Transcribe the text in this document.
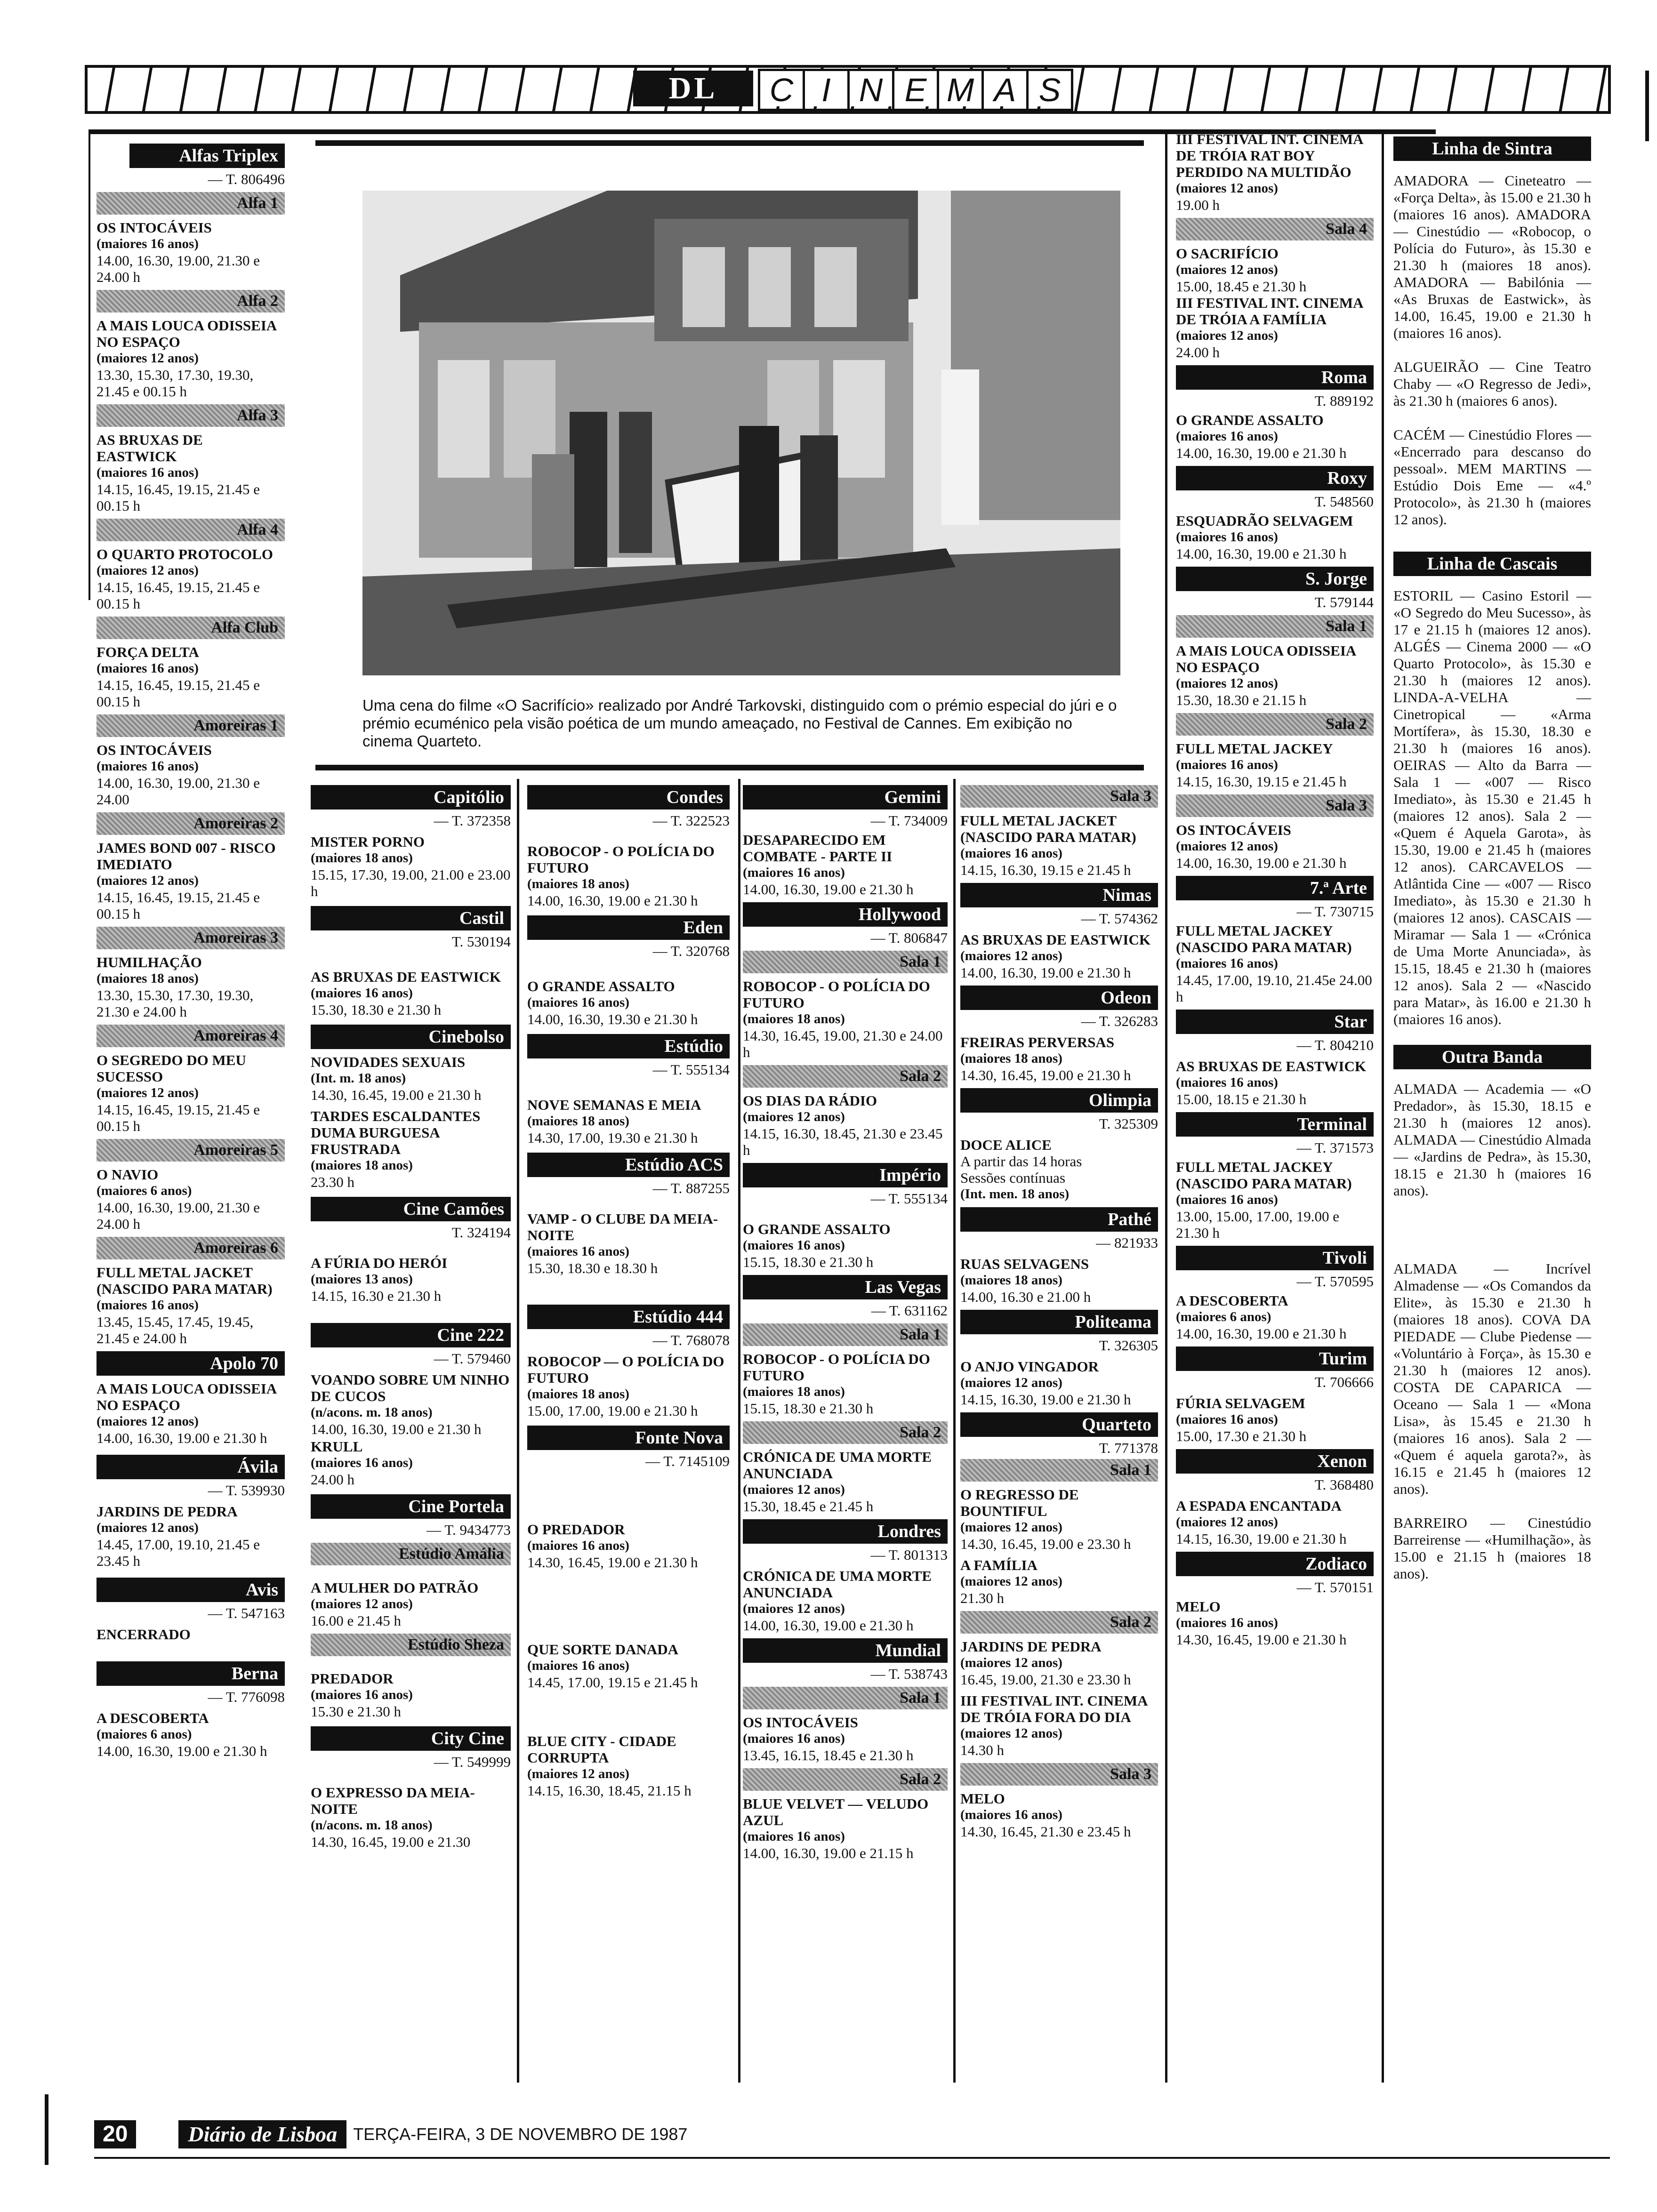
DL	C I N E M A S
Alfas Triplex
— T. 806496
Alfa 1
OS INTOCÁVEIS
(maiores 16 anos)
14.00, 16.30, 19.00, 21.30 e 24.00 h
Alfa 2
A MAIS LOUCA ODISSEIA NO ESPAÇO
(maiores 12 anos)
13.30, 15.30, 17.30, 19.30, 21.45 e 00.15 h
Alfa 3
AS BRUXAS DE EASTWICK
(maiores 16 anos)
14.15, 16.45, 19.15, 21.45 e 00.15 h
Alfa 4
O QUARTO PROTOCOLO
(maiores 12 anos)
14.15, 16.45, 19.15, 21.45 e 00.15 h
Alfa Club
FORÇA DELTA
(maiores 16 anos)
14.15, 16.45, 19.15, 21.45 e 00.15 h
Amoreiras 1
OS INTOCÁVEIS
(maiores 16 anos)
14.00, 16.30, 19.00, 21.30 e 24.00
Amoreiras 2
JAMES BOND 007 - RISCO IMEDIATO
(maiores 12 anos)
14.15, 16.45, 19.15, 21.45 e 00.15 h
Amoreiras 3
HUMILHAÇÃO
(maiores 18 anos)
13.30, 15.30, 17.30, 19.30, 21.30 e 24.00 h
Amoreiras 4
O SEGREDO DO MEU SUCESSO
(maiores 12 anos)
14.15, 16.45, 19.15, 21.45 e 00.15 h
Amoreiras 5
O NAVIO
(maiores 6 anos)
14.00, 16.30, 19.00, 21.30 e 24.00 h
Amoreiras 6
FULL METAL JACKET (NASCIDO PARA MATAR)
(maiores 16 anos)
13.45, 15.45, 17.45, 19.45, 21.45 e 24.00 h
Apolo 70
A MAIS LOUCA ODISSEIA NO ESPAÇO
(maiores 12 anos)
14.00, 16.30, 19.00 e 21.30 h
Ávila
— T. 539930
JARDINS DE PEDRA
(maiores 12 anos)
14.45, 17.00, 19.10, 21.45 e 23.45 h
Avis
— T. 547163
ENCERRADO
Berna
— T. 776098
A DESCOBERTA
(maiores 6 anos)
14.00, 16.30, 19.00 e 21.30 h
Uma cena do filme «O Sacrifício» realizado por André Tarkovski, distinguido com o prémio especial do júri e o prémio ecuménico pela visão poética de um mundo ameaçado, no Festival de Cannes. Em exibição no cinema Quarteto.
Capitólio
— T. 372358
MISTER PORNO
(maiores 18 anos)
15.15, 17.30, 19.00, 21.00 e 23.00 h
Castil
T. 530194
AS BRUXAS DE EASTWICK
(maiores 16 anos)
15.30, 18.30 e 21.30 h
Cinebolso
NOVIDADES SEXUAIS
(Int. m. 18 anos)
14.30, 16.45, 19.00 e 21.30 h
TARDES ESCALDANTES DUMA BURGUESA FRUSTRADA
(maiores 18 anos)
23.30 h
Cine Camões
T. 324194
A FÚRIA DO HERÓI
(maiores 13 anos)
14.15, 16.30 e 21.30 h
Cine 222
— T. 579460
VOANDO SOBRE UM NINHO DE CUCOS
(n/acons. m. 18 anos)
14.00, 16.30, 19.00 e 21.30 h
KRULL
(maiores 16 anos)
24.00 h
Cine Portela
— T. 9434773
Estúdio Amália
A MULHER DO PATRÃO
(maiores 12 anos)
16.00 e 21.45 h
Estúdio Sheza
PREDADOR
(maiores 16 anos)
15.30 e 21.30 h
City Cine
— T. 549999
O EXPRESSO DA MEIA-NOITE
(n/acons. m. 18 anos)
14.30, 16.45, 19.00 e 21.30
Condes
— T. 322523
ROBOCOP - O POLÍCIA DO FUTURO
(maiores 18 anos)
14.00, 16.30, 19.00 e 21.30 h
Eden
— T. 320768
O GRANDE ASSALTO
(maiores 16 anos)
14.00, 16.30, 19.30 e 21.30 h
Estúdio
— T. 555134
NOVE SEMANAS E MEIA
(maiores 18 anos)
14.30, 17.00, 19.30 e 21.30 h
Estúdio ACS
— T. 887255
VAMP - O CLUBE DA MEIA-NOITE
(maiores 16 anos)
15.30, 18.30 e 18.30 h
Estúdio 444
— T. 768078
ROBOCOP — O POLÍCIA DO FUTURO
(maiores 18 anos)
15.00, 17.00, 19.00 e 21.30 h
Fonte Nova
— T. 7145109
O PREDADOR
(maiores 16 anos)
14.30, 16.45, 19.00 e 21.30 h
QUE SORTE DANADA
(maiores 16 anos)
14.45, 17.00, 19.15 e 21.45 h
BLUE CITY - CIDADE CORRUPTA
(maiores 12 anos)
14.15, 16.30, 18.45, 21.15 h
Gemini
— T. 734009
DESAPARECIDO EM COMBATE - PARTE II
(maiores 16 anos)
14.00, 16.30, 19.00 e 21.30 h
Hollywood
— T. 806847
Sala 1
ROBOCOP - O POLÍCIA DO FUTURO
(maiores 18 anos)
14.30, 16.45, 19.00, 21.30 e 24.00 h
Sala 2
OS DIAS DA RÁDIO
(maiores 12 anos)
14.15, 16.30, 18.45, 21.30 e 23.45 h
Império
— T. 555134
O GRANDE ASSALTO
(maiores 16 anos)
15.15, 18.30 e 21.30 h
Las Vegas
— T. 631162
Sala 1
ROBOCOP - O POLÍCIA DO FUTURO
(maiores 18 anos)
15.15, 18.30 e 21.30 h
Sala 2
CRÓNICA DE UMA MORTE ANUNCIADA
(maiores 12 anos)
15.30, 18.45 e 21.45 h
Londres
— T. 801313
CRÓNICA DE UMA MORTE ANUNCIADA
(maiores 12 anos)
14.00, 16.30, 19.00 e 21.30 h
Mundial
— T. 538743
Sala 1
OS INTOCÁVEIS
(maiores 16 anos)
13.45, 16.15, 18.45 e 21.30 h
Sala 2
BLUE VELVET — VELUDO AZUL
(maiores 16 anos)
14.00, 16.30, 19.00 e 21.15 h
Sala 3
FULL METAL JACKET (NASCIDO PARA MATAR)
(maiores 16 anos)
14.15, 16.30, 19.15 e 21.45 h
Nimas
— T. 574362
AS BRUXAS DE EASTWICK
(maiores 12 anos)
14.00, 16.30, 19.00 e 21.30 h
Odeon
— T. 326283
FREIRAS PERVERSAS
(maiores 18 anos)
14.30, 16.45, 19.00 e 21.30 h
Olimpia
T. 325309
DOCE ALICE
A partir das 14 horas
Sessões contínuas
(Int. men. 18 anos)
Pathé
— 821933
RUAS SELVAGENS
(maiores 18 anos)
14.00, 16.30 e 21.00 h
Politeama
T. 326305
O ANJO VINGADOR
(maiores 12 anos)
14.15, 16.30, 19.00 e 21.30 h
Quarteto
T. 771378
Sala 1
O REGRESSO DE BOUNTIFUL
(maiores 12 anos)
14.30, 16.45, 19.00 e 23.30 h
A FAMÍLIA
(maiores 12 anos)
21.30 h
Sala 2
JARDINS DE PEDRA
(maiores 12 anos)
16.45, 19.00, 21.30 e 23.30 h
III FESTIVAL INT. CINEMA DE TRÓIA FORA DO DIA
(maiores 12 anos)
14.30 h
Sala 3
MELO
(maiores 16 anos)
14.30, 16.45, 21.30 e 23.45 h
III FESTIVAL INT. CINEMA DE TRÓIA RAT BOY PERDIDO NA MULTIDÃO
(maiores 12 anos)
19.00 h
Sala 4
O SACRIFÍCIO
(maiores 12 anos)
15.00, 18.45 e 21.30 h
III FESTIVAL INT. CINEMA DE TRÓIA A FAMÍLIA
(maiores 12 anos)
24.00 h
Roma
T. 889192
O GRANDE ASSALTO
(maiores 16 anos)
14.00, 16.30, 19.00 e 21.30 h
Roxy
T. 548560
ESQUADRÃO SELVAGEM
(maiores 16 anos)
14.00, 16.30, 19.00 e 21.30 h
S. Jorge
T. 579144
Sala 1
A MAIS LOUCA ODISSEIA NO ESPAÇO
(maiores 12 anos)
15.30, 18.30 e 21.15 h
Sala 2
FULL METAL JACKEY
(maiores 16 anos)
14.15, 16.30, 19.15 e 21.45 h
Sala 3
OS INTOCÁVEIS
(maiores 12 anos)
14.00, 16.30, 19.00 e 21.30 h
7.ª Arte
— T. 730715
FULL METAL JACKEY (NASCIDO PARA MATAR)
(maiores 16 anos)
14.45, 17.00, 19.10, 21.45e 24.00 h
Star
— T. 804210
AS BRUXAS DE EASTWICK
(maiores 16 anos)
15.00, 18.15 e 21.30 h
Terminal
— T. 371573
FULL METAL JACKEY (NASCIDO PARA MATAR)
(maiores 16 anos)
13.00, 15.00, 17.00, 19.00 e 21.30 h
Tivoli
— T. 570595
A DESCOBERTA
(maiores 6 anos)
14.00, 16.30, 19.00 e 21.30 h
Turim
T. 706666
FÚRIA SELVAGEM
(maiores 16 anos)
15.00, 17.30 e 21.30 h
Xenon
T. 368480
A ESPADA ENCANTADA
(maiores 12 anos)
14.15, 16.30, 19.00 e 21.30 h
Zodiaco
— T. 570151
MELO
(maiores 16 anos)
14.30, 16.45, 19.00 e 21.30 h
Linha de Sintra
AMADORA — Cineteatro — «Força Delta», às 15.00 e 21.30 h (maiores 16 anos). AMADORA — Cinestúdio — «Robocop, o Polícia do Futuro», às 15.30 e 21.30 h (maiores 18 anos). AMADORA — Babilónia — «As Bruxas de Eastwick», às 14.00, 16.45, 19.00 e 21.30 h (maiores 16 anos).
ALGUEIRÃO — Cine Teatro Chaby — «O Regresso de Jedi», às 21.30 h (maiores 6 anos).
CACÉM — Cinestúdio Flores — «Encerrado para descanso do pessoal». MEM MARTINS — Estúdio Dois Eme — «4.º Protocolo», às 21.30 h (maiores 12 anos).
Linha de Cascais
ESTORIL — Casino Estoril — «O Segredo do Meu Sucesso», às 17 e 21.15 h (maiores 12 anos). ALGÉS — Cinema 2000 — «O Quarto Protocolo», às 15.30 e 21.30 h (maiores 12 anos). LINDA-A-VELHA — Cinetropical — «Arma Mortífera», às 15.30, 18.30 e 21.30 h (maiores 16 anos). OEIRAS — Alto da Barra — Sala 1 — «007 — Risco Imediato», às 15.30 e 21.45 h (maiores 12 anos). Sala 2 — «Quem é Aquela Garota», às 15.30, 19.00 e 21.45 h (maiores 12 anos). CARCAVELOS — Atlântida Cine — «007 — Risco Imediato», às 15.30 e 21.30 h (maiores 12 anos). CASCAIS — Miramar — Sala 1 — «Crónica de Uma Morte Anunciada», às 15.15, 18.45 e 21.30 h (maiores 12 anos). Sala 2 — «Nascido para Matar», às 16.00 e 21.30 h (maiores 16 anos).
Outra Banda
ALMADA — Academia — «O Predador», às 15.30, 18.15 e 21.30 h (maiores 12 anos). ALMADA — Cinestúdio Almada — «Jardins de Pedra», às 15.30, 18.15 e 21.30 h (maiores 16 anos).
ALMADA — Incrível Almadense — «Os Comandos da Elite», às 15.30 e 21.30 h (maiores 18 anos). COVA DA PIEDADE — Clube Piedense — «Voluntário à Força», às 15.30 e 21.30 h (maiores 12 anos). COSTA DE CAPARICA — Oceano — Sala 1 — «Mona Lisa», às 15.45 e 21.30 h (maiores 16 anos). Sala 2 — «Quem é aquela garota?», às 16.15 e 21.45 h (maiores 12 anos).
BARREIRO — Cinestúdio Barreirense — «Humilhação», às 15.00 e 21.15 h (maiores 18 anos).
20	Diário de Lisboa TERÇA-FEIRA, 3 DE NOVEMBRO DE 1987
